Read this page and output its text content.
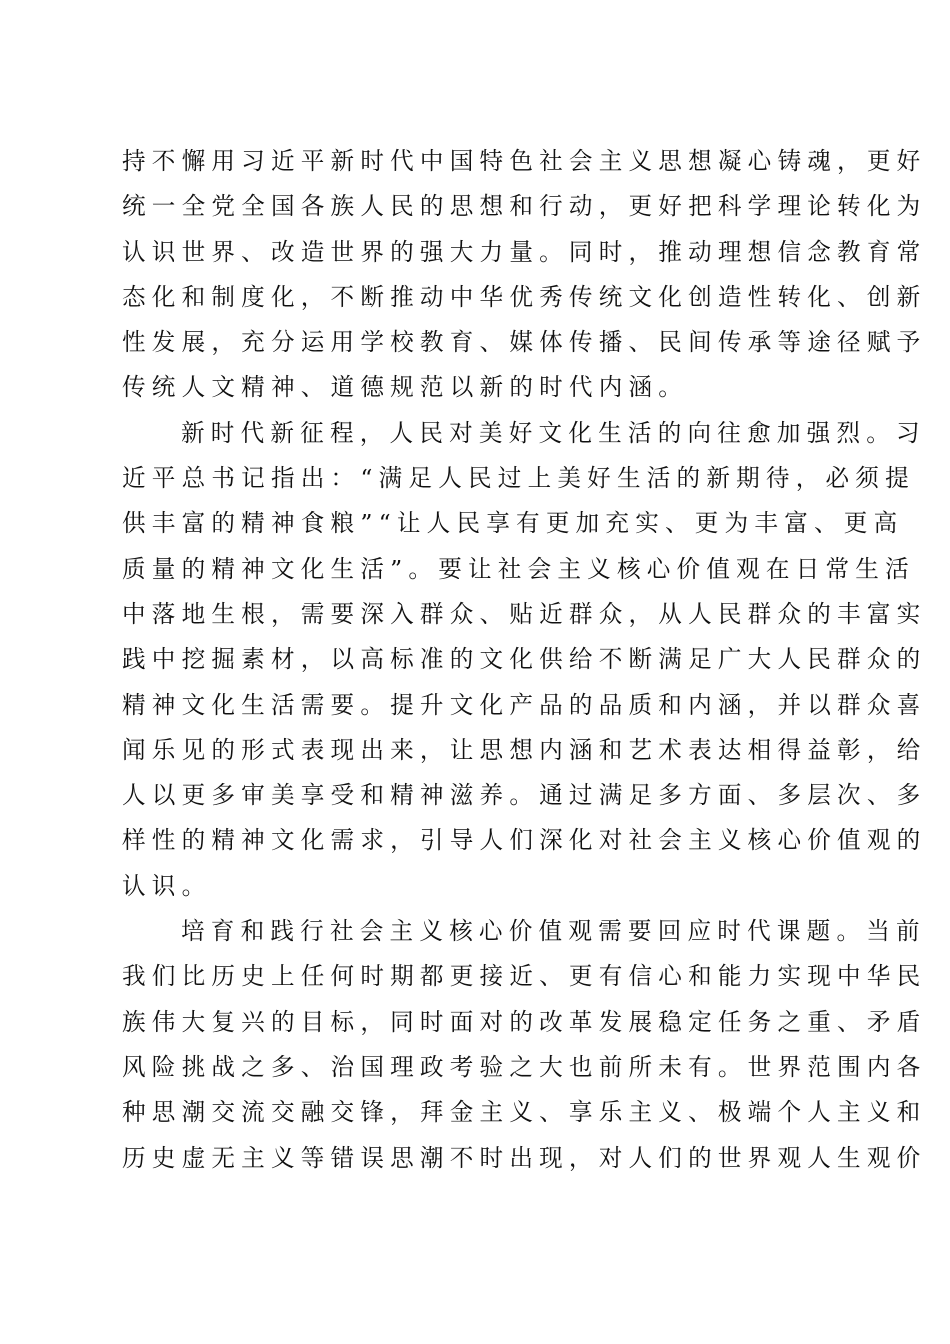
持不懈用习近平新时代中国特色社会主义思想凝心铸魂，更好
统一全党全国各族人民的思想和行动，更好把科学理论转化为
认识世界、改造世界的强大力量。同时，推动理想信念教育常
态化和制度化，不断推动中华优秀传统文化创造性转化、创新
性发展，充分运用学校教育、媒体传播、民间传承等途径赋予
传统人文精神、道德规范以新的时代内涵。
新时代新征程，人民对美好文化生活的向往愈加强烈。习
近平总书记指出：“满足人民过上美好生活的新期待，必须提
供丰富的精神食粮”“让人民享有更加充实、更为丰富、更高
质量的精神文化生活”。要让社会主义核心价值观在日常生活
中落地生根，需要深入群众、贴近群众，从人民群众的丰富实
践中挖掘素材，以高标准的文化供给不断满足广大人民群众的
精神文化生活需要。提升文化产品的品质和内涵，并以群众喜
闻乐见的形式表现出来，让思想内涵和艺术表达相得益彰，给
人以更多审美享受和精神滋养。通过满足多方面、多层次、多
样性的精神文化需求，引导人们深化对社会主义核心价值观的
认识。
培育和践行社会主义核心价值观需要回应时代课题。当前
我们比历史上任何时期都更接近、更有信心和能力实现中华民
族伟大复兴的目标，同时面对的改革发展稳定任务之重、矛盾
风险挑战之多、治国理政考验之大也前所未有。世界范围内各
种思潮交流交融交锋，拜金主义、享乐主义、极端个人主义和
历史虚无主义等错误思潮不时出现，对人们的世界观人生观价
